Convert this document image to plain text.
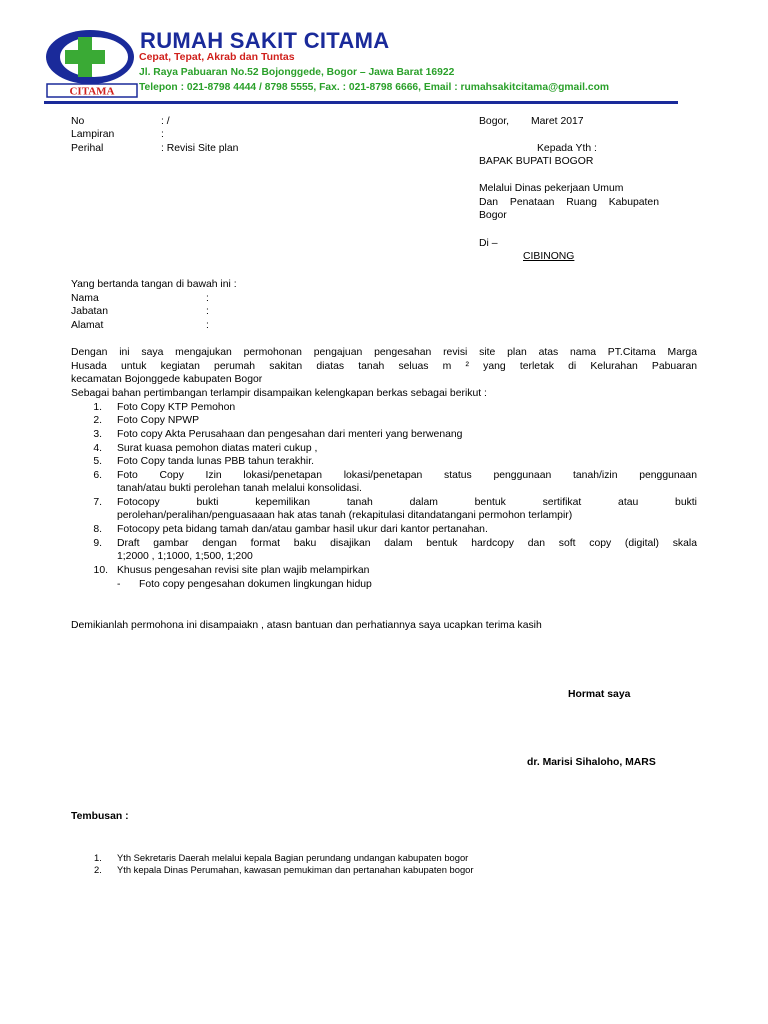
CITAMA
RUMAH SAKIT CITAMA
Cepat, Tepat, Akrab dan Tuntas
Jl. Raya Pabuaran No.52 Bojonggede, Bogor – Jawa Barat 16922
Telepon : 021-8798 4444 / 8798 5555, Fax. : 021-8798 6666, Email : rumahsakitcitama@gmail.com
No	: /
Lampiran	:
Perihal	: Revisi Site plan
Bogor, Maret 2017
Kepada Yth :
BAPAK BUPATI BOGOR
Melalui Dinas pekerjaan Umum
Dan Penataan Ruang Kabupaten
Bogor
Di –
CIBINONG
Yang bertanda tangan di bawah ini :
Nama	:
Jabatan	:
Alamat	:
Dengan ini saya mengajukan permohonan pengajuan pengesahan revisi site plan atas nama PT.Citama Marga
Husada untuk kegiatan perumah sakitan diatas tanah seluas m ² yang terletak di Kelurahan Pabuaran
kecamatan Bojonggede kabupaten Bogor
Sebagai bahan pertimbangan terlampir disampaikan kelengkapan berkas sebagai berikut :
1. Foto Copy KTP Pemohon
2. Foto Copy NPWP
3. Foto copy Akta Perusahaan dan pengesahan dari menteri yang berwenang
4. Surat kuasa pemohon diatas materi cukup ,
5. Foto Copy tanda lunas PBB tahun terakhir.
6. Foto Copy Izin lokasi/penetapan lokasi/penetapan status penggunaan tanah/izin penggunaan
tanah/atau bukti perolehan tanah melalui konsolidasi.
7. Fotocopy bukti kepemilikan tanah dalam bentuk sertifikat atau bukti
perolehan/peralihan/penguasaaan hak atas tanah (rekapitulasi ditandatangani permohon terlampir)
8. Fotocopy peta bidang tamah dan/atau gambar hasil ukur dari kantor pertanahan.
9. Draft gambar dengan format baku disajikan dalam bentuk hardcopy dan soft copy (digital) skala
1;2000 , 1;1000, 1;500, 1;200
10. Khusus pengesahan revisi site plan wajib melampirkan
- Foto copy pengesahan dokumen lingkungan hidup
Demikianlah permohona ini disampaiakn , atasn bantuan dan perhatiannya saya ucapkan terima kasih
Hormat saya
dr. Marisi Sihaloho, MARS
Tembusan :
1. Yth Sekretaris Daerah melalui kepala Bagian perundang undangan kabupaten bogor
2. Yth kepala Dinas Perumahan, kawasan pemukiman dan pertanahan kabupaten bogor
